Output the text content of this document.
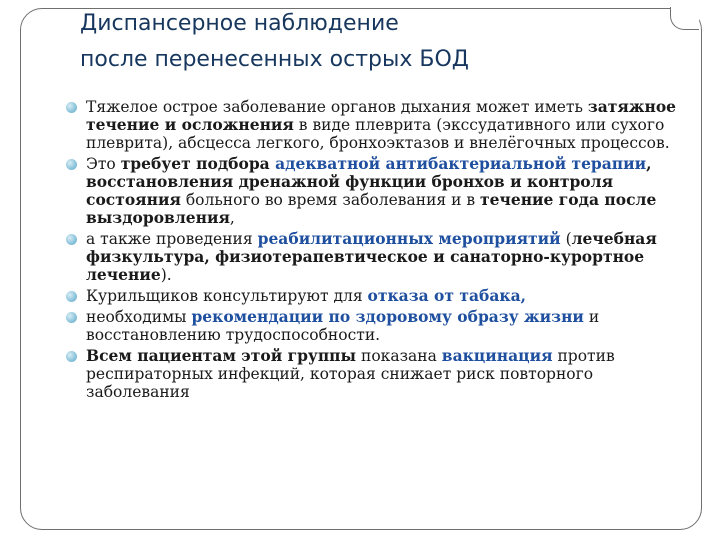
Диспансерное наблюдение
после перенесенных острых БОД
Тяжелое острое заболевание органов дыхания может иметь затяжное течение и осложнения в виде плеврита (экссудативного или сухого плеврита), абсцесса легкого, бронхоэктазов и внелёгочных процессов.
Это требует подбора адекватной антибактериальной терапии, восстановления дренажной функции бронхов и контроля состояния больного во время заболевания и в течение года после выздоровления,
а также проведения реабилитационных мероприятий (лечебная физкультура, физиотерапевтическое и санаторно-курортное лечение).
Курильщиков консультируют для отказа от табака,
необходимы рекомендации по здоровому образу жизни и восстановлению трудоспособности.
Всем пациентам этой группы показана вакцинация против респираторных инфекций, которая снижает риск повторного заболевания
